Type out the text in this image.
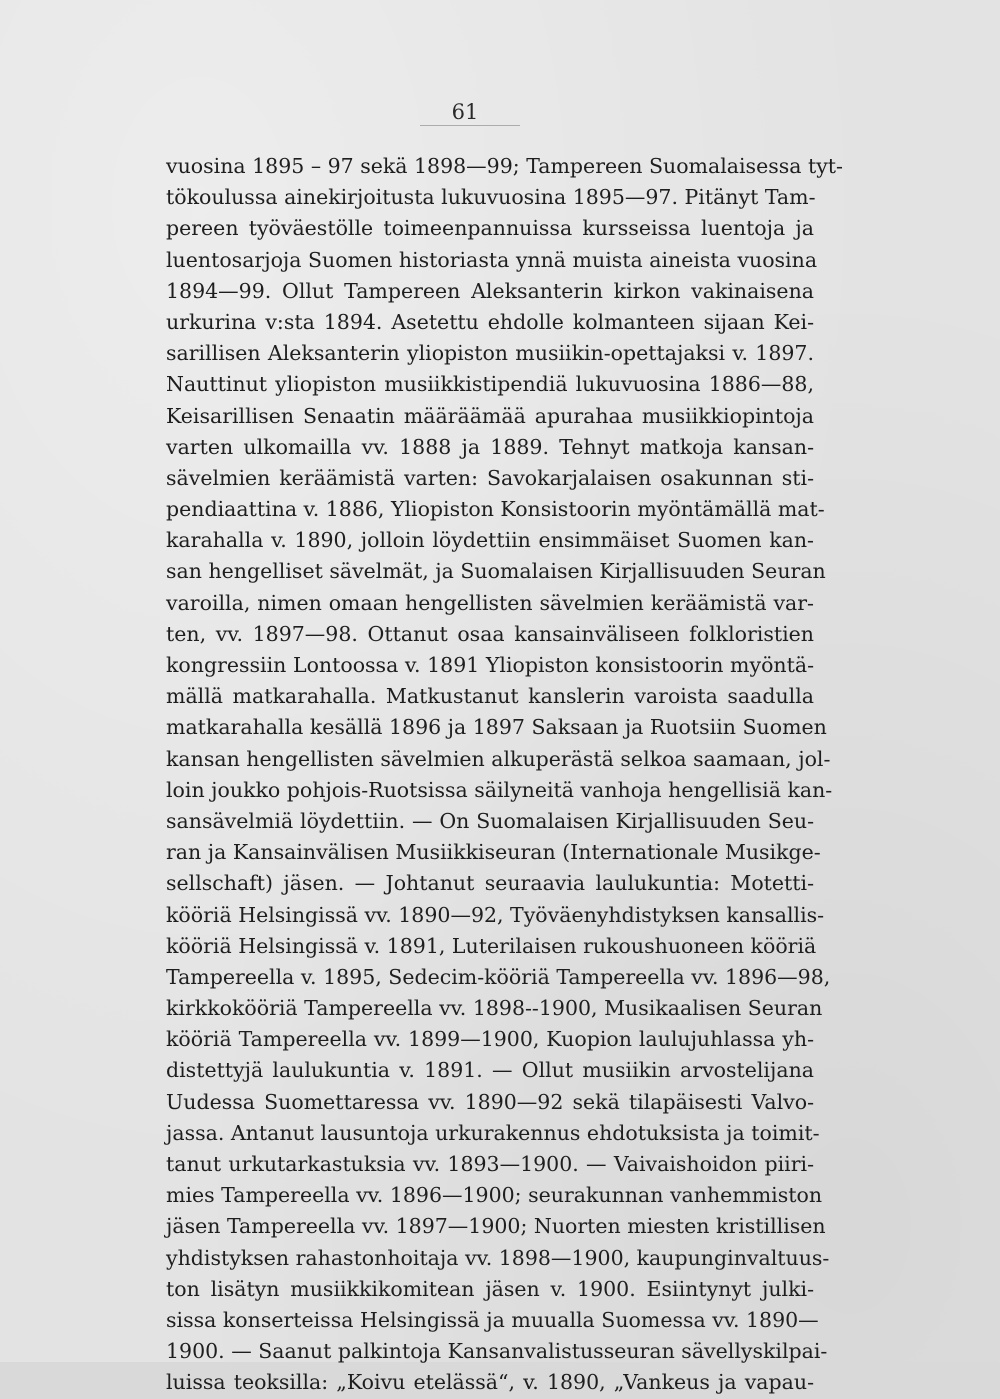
61
vuosina 1895 – 97 sekä 1898—99; Tampereen Suomalaisessa tyt-
tökoulussa ainekirjoitusta lukuvuosina 1895—97. Pitänyt Tam-
pereen työväestölle toimeenpannuissa kursseissa luentoja ja
luentosarjoja Suomen historiasta ynnä muista aineista vuosina
1894—99. Ollut Tampereen Aleksanterin kirkon vakinaisena
urkurina v:sta 1894. Asetettu ehdolle kolmanteen sijaan Kei-
sarillisen Aleksanterin yliopiston musiikin-opettajaksi v. 1897.
Nauttinut yliopiston musiikkistipendiä lukuvuosina 1886—88,
Keisarillisen Senaatin määräämää apurahaa musiikkiopintoja
varten ulkomailla vv. 1888 ja 1889. Tehnyt matkoja kansan-
sävelmien keräämistä varten: Savokarjalaisen osakunnan sti-
pendiaattina v. 1886, Yliopiston Konsistoorin myöntämällä mat-
karahalla v. 1890, jolloin löydettiin ensimmäiset Suomen kan-
san hengelliset sävelmät, ja Suomalaisen Kirjallisuuden Seuran
varoilla, nimen omaan hengellisten sävelmien keräämistä var-
ten, vv. 1897—98. Ottanut osaa kansainväliseen folkloristien
kongressiin Lontoossa v. 1891 Yliopiston konsistoorin myöntä-
mällä matkarahalla. Matkustanut kanslerin varoista saadulla
matkarahalla kesällä 1896 ja 1897 Saksaan ja Ruotsiin Suomen
kansan hengellisten sävelmien alkuperästä selkoa saamaan, jol-
loin joukko pohjois-Ruotsissa säilyneitä vanhoja hengellisiä kan-
sansävelmiä löydettiin. — On Suomalaisen Kirjallisuuden Seu-
ran ja Kansainvälisen Musiikkiseuran (Internationale Musikge-
sellschaft) jäsen. — Johtanut seuraavia laulukuntia: Motetti-
kööriä Helsingissä vv. 1890—92, Työväenyhdistyksen kansallis-
kööriä Helsingissä v. 1891, Luterilaisen rukoushuoneen kööriä
Tampereella v. 1895, Sedecim-kööriä Tampereella vv. 1896—98,
kirkkokööriä Tampereella vv. 1898--1900, Musikaalisen Seuran
kööriä Tampereella vv. 1899—1900, Kuopion laulujuhlassa yh-
distettyjä laulukuntia v. 1891. — Ollut musiikin arvostelijana
Uudessa Suomettaressa vv. 1890—92 sekä tilapäisesti Valvo-
jassa. Antanut lausuntoja urkurakennus ehdotuksista ja toimit-
tanut urkutarkastuksia vv. 1893—1900. — Vaivaishoidon piiri-
mies Tampereella vv. 1896—1900; seurakunnan vanhemmiston
jäsen Tampereella vv. 1897—1900; Nuorten miesten kristillisen
yhdistyksen rahastonhoitaja vv. 1898—1900, kaupunginvaltuus-
ton lisätyn musiikkikomitean jäsen v. 1900. Esiintynyt julki-
sissa konserteissa Helsingissä ja muualla Suomessa vv. 1890—
1900. — Saanut palkintoja Kansanvalistusseuran sävellyskilpai-
luissa teoksilla: „Koivu etelässä“, v. 1890, „Vankeus ja vapau-
